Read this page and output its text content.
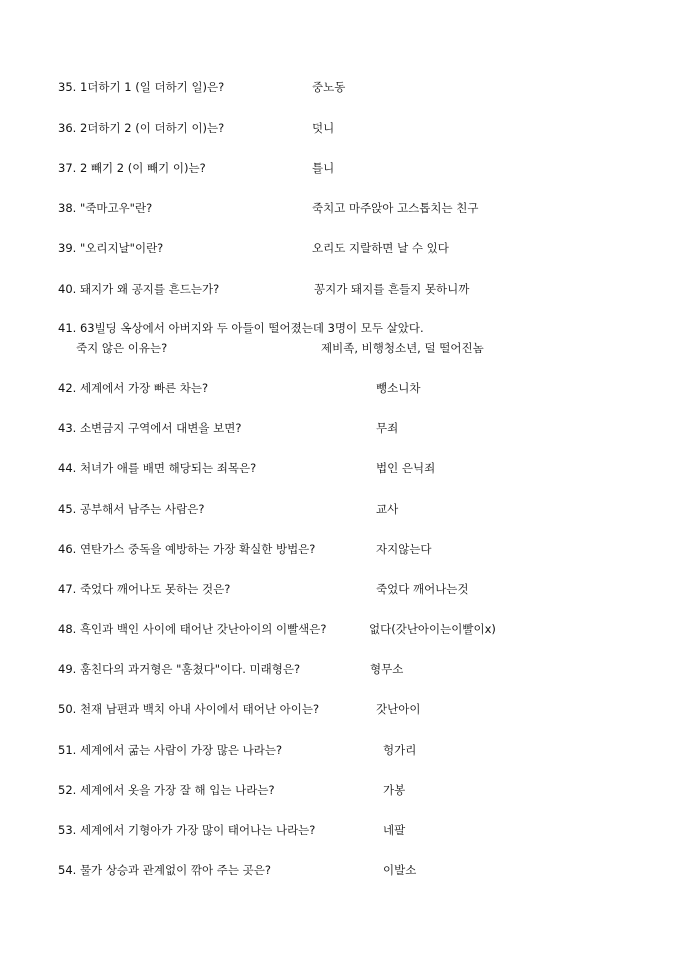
35. 1더하기 1 (일 더하기 일)은?	중노동
36. 2더하기 2 (이 더하기 이)는?	덧니
37. 2 빼기 2 (이 빼기 이)는?	틀니
38. "죽마고우"란?	죽치고 마주앉아 고스톱치는 친구
39. "오리지날"이란?	오리도 지랄하면 날 수 있다
40. 돼지가 왜 공지를 흔드는가?	꽁지가 돼지를 흔들지 못하니까
41. 63빌딩 옥상에서 아버지와 두 아들이 떨어졌는데 3명이 모두 살았다.
죽지 않은 이유는?	제비족, 비행청소년, 덜 떨어진놈
42. 세계에서 가장 빠른 차는?	뺑소니차
43. 소변금지 구역에서 대변을 보면?	무죄
44. 처녀가 애를 배면 해당되는 죄목은?	법인 은닉죄
45. 공부해서 남주는 사람은?	교사
46. 연탄가스 중독을 예방하는 가장 확실한 방법은?	자지않는다
47. 죽었다 깨어나도 못하는 것은?	죽었다 깨어나는것
48. 흑인과 백인 사이에 태어난 갓난아이의 이빨색은?	없다(갓난아이는이빨이x)
49. 훔친다의 과거형은 "훔쳤다"이다. 미래형은?	형무소
50. 천재 남편과 백치 아내 사이에서 태어난 아이는?	갓난아이
51. 세계에서 굶는 사람이 가장 많은 나라는?	헝가리
52. 세계에서 옷을 가장 잘 해 입는 나라는?	가봉
53. 세계에서 기형아가 가장 많이 태어나는 나라는?	네팔
54. 물가 상승과 관계없이 깎아 주는 곳은?	이발소
